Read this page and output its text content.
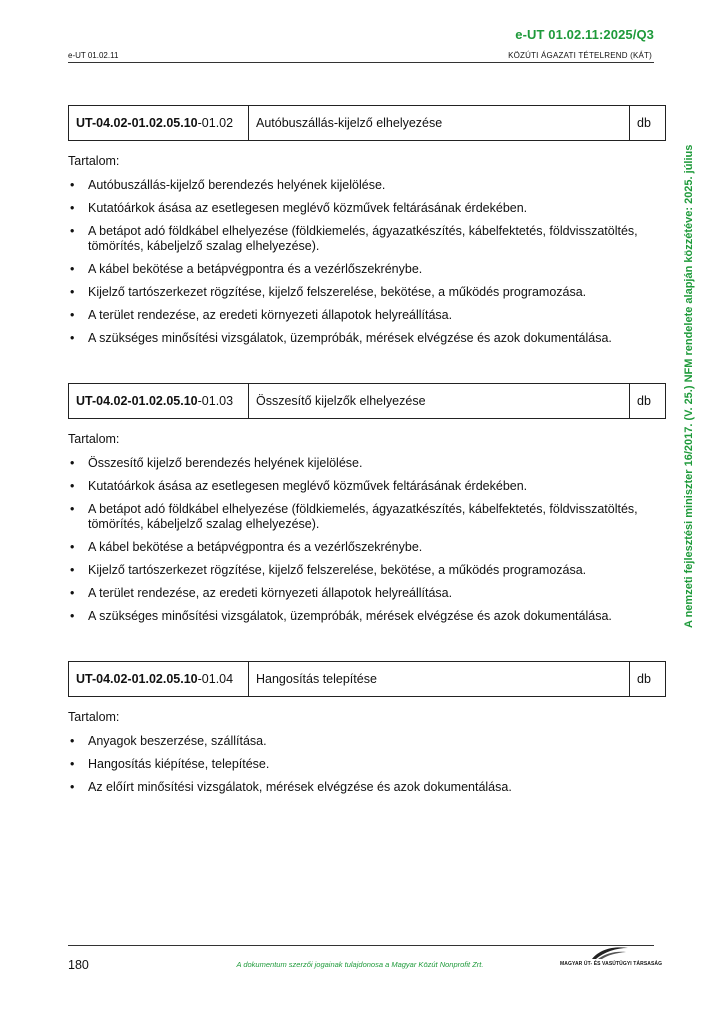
e-UT 01.02.11:2025/Q3
e-UT 01.02.11	KÖZÚTI ÁGAZATI TÉTELREND (KÁT)
A nemzeti fejlesztési miniszter 16/2017. (V. 25.) NFM rendelete alapján közzétéve: 2025. július
UT-04.02-01.02.05.10 -01.02	Autóbuszállás-kijelző elhelyezése	db
Tartalom:
• Autóbuszállás-kijelző berendezés helyének kijelölése.
• Kutatóárkok ásása az esetlegesen meglévő közművek feltárásának érdekében.
• A betápot adó földkábel elhelyezése (földkiemelés, ágyazatkészítés, kábelfektetés, földvisszatöltés, tömörítés, kábeljelző szalag elhelyezése).
• A kábel bekötése a betápvégpontra és a vezérlőszekrénybe.
• Kijelző tartószerkezet rögzítése, kijelző felszerelése, bekötése, a működés programozása.
• A terület rendezése, az eredeti környezeti állapotok helyreállítása.
• A szükséges minősítési vizsgálatok, üzempróbák, mérések elvégzése és azok dokumentálása.
UT-04.02-01.02.05.10 -01.03	Összesítő kijelzők elhelyezése	db
Tartalom:
• Összesítő kijelző berendezés helyének kijelölése.
• Kutatóárkok ásása az esetlegesen meglévő közművek feltárásának érdekében.
• A betápot adó földkábel elhelyezése (földkiemelés, ágyazatkészítés, kábelfektetés, földvisszatöltés, tömörítés, kábeljelző szalag elhelyezése).
• A kábel bekötése a betápvégpontra és a vezérlőszekrénybe.
• Kijelző tartószerkezet rögzítése, kijelző felszerelése, bekötése, a működés programozása.
• A terület rendezése, az eredeti környezeti állapotok helyreállítása.
• A szükséges minősítési vizsgálatok, üzempróbák, mérések elvégzése és azok dokumentálása.
UT-04.02-01.02.05.10 -01.04	Hangosítás telepítése	db
Tartalom:
• Anyagok beszerzése, szállítása.
• Hangosítás kiépítése, telepítése.
• Az előírt minősítési vizsgálatok, mérések elvégzése és azok dokumentálása.
180	A dokumentum szerzői jogainak tulajdonosa a Magyar Közút Nonprofit Zrt.	MAGYAR ÚT- ÉS VASÚTÜGYI TÁRSASÁG
